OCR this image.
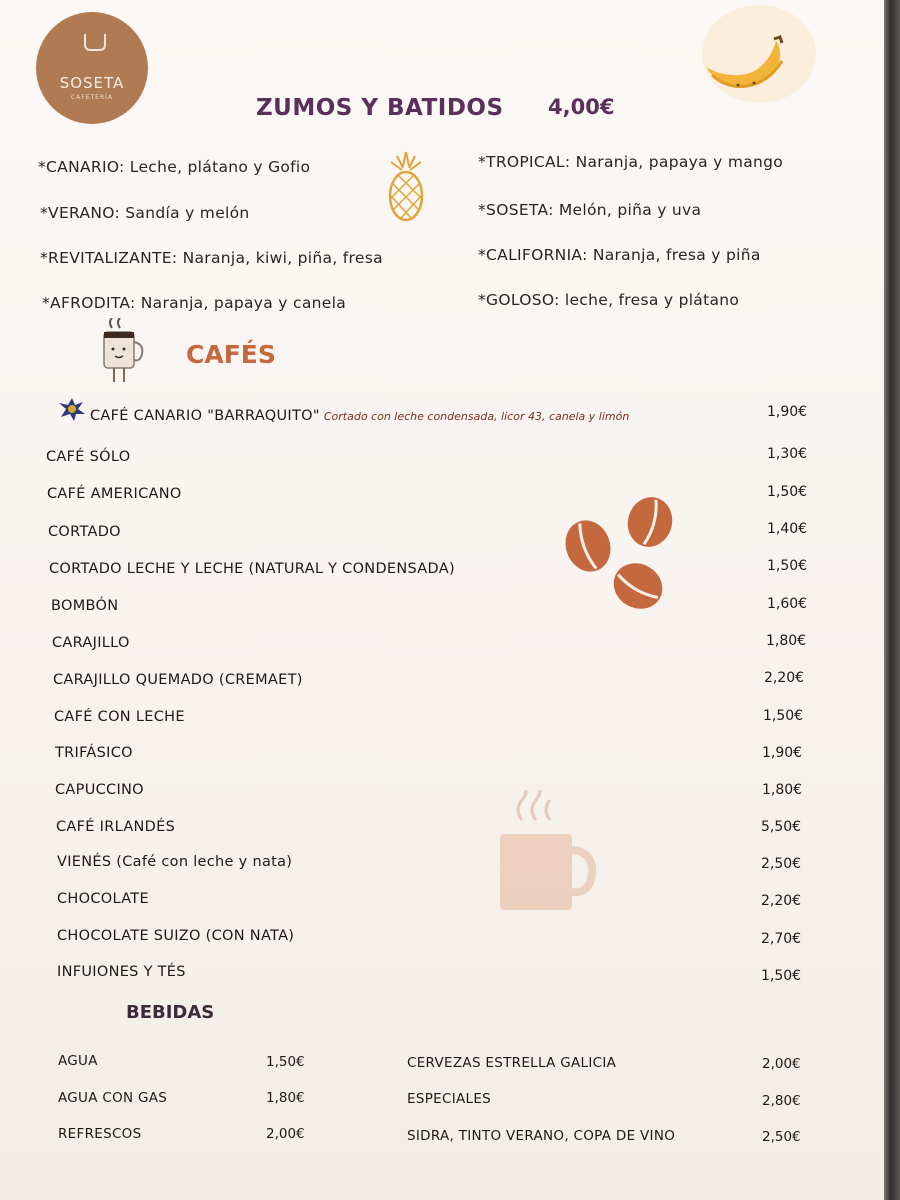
SOSETA
CAFETERÍA	ZUMOS Y BATIDOS 4,00€
*CANARIO: Leche, plátano y Gofio
*VERANO: Sandía y melón
*REVITALIZANTE: Naranja, kiwi, piña, fresa
*AFRODITA: Naranja, papaya y canela
*TROPICAL: Naranja, papaya y mango
*SOSETA: Melón, piña y uva
*CALIFORNIA: Naranja, fresa y piña
*GOLOSO: leche, fresa y plátano
CAFÉS
CAFÉ CANARIO "BARRAQUITO" Cortado con leche condensada, licor 43, canela y limón	1,90€
CAFÉ SÓLO	1,30€
CAFÉ AMERICANO	1,50€
CORTADO	1,40€
CORTADO LECHE Y LECHE (NATURAL Y CONDENSADA)	1,50€
BOMBÓN	1,60€
CARAJILLO	1,80€
CARAJILLO QUEMADO (CREMAET)	2,20€
CAFÉ CON LECHE	1,50€
TRIFÁSICO	1,90€
CAPUCCINO	1,80€
CAFÉ IRLANDÉS	5,50€
VIENÉS (Café con leche y nata)	2,50€
CHOCOLATE	2,20€
CHOCOLATE SUIZO (CON NATA)	2,70€
INFUIONES Y TÉS	1,50€
BEBIDAS
AGUA	1,50€
AGUA CON GAS	1,80€
REFRESCOS	2,00€
CERVEZAS ESTRELLA GALICIA	2,00€
ESPECIALES	2,80€
SIDRA, TINTO VERANO, COPA DE VINO	2,50€
